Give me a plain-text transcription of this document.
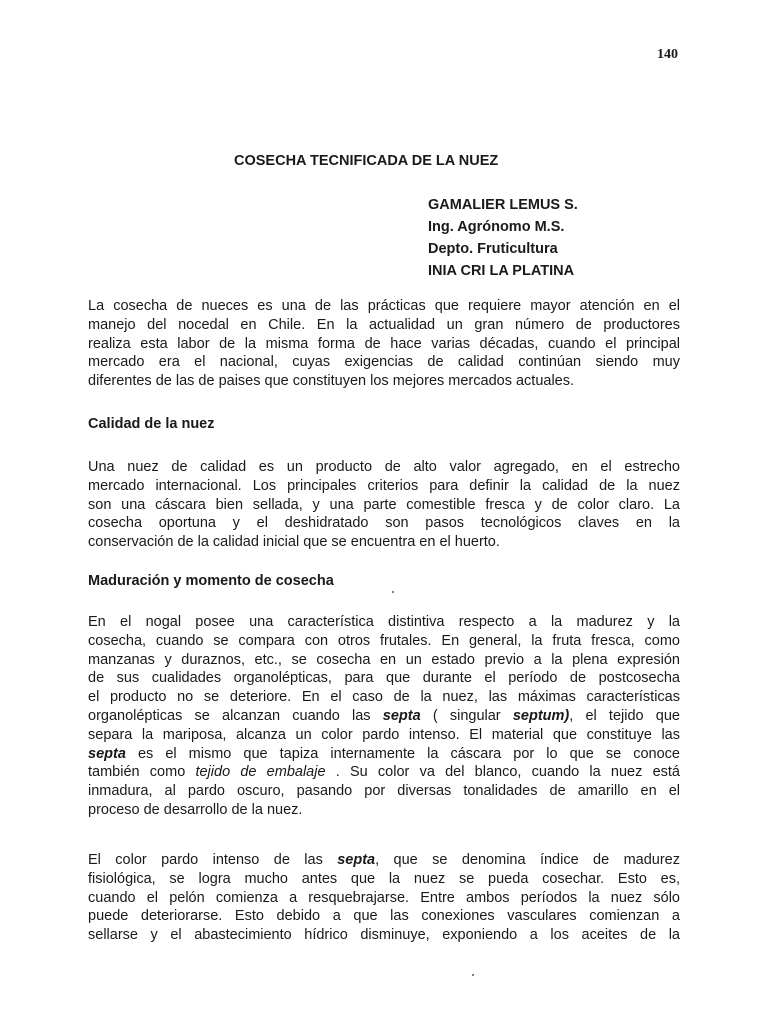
140
COSECHA TECNIFICADA DE LA NUEZ
GAMALIER LEMUS S.
Ing. Agrónomo M.S.
Depto. Fruticultura
INIA CRI LA PLATINA
La cosecha de nueces es una de las prácticas que requiere mayor atención en el
manejo del nocedal en Chile. En la actualidad un gran número de productores
realiza esta labor de la misma forma de hace varias décadas, cuando el principal
mercado era el nacional, cuyas exigencias de calidad continúan siendo muy
diferentes de las de paises que constituyen los mejores mercados actuales.
Calidad de la nuez
Una nuez de calidad es un producto de alto valor agregado, en el estrecho
mercado internacional. Los principales criterios para definir la calidad de la nuez
son una cáscara bien sellada, y una parte comestible fresca y de color claro. La
cosecha oportuna y el deshidratado son pasos tecnológicos claves en la
conservación de la calidad inicial que se encuentra en el huerto.
Maduración y momento de cosecha
En el nogal posee una característica distintiva respecto a la madurez y la
cosecha, cuando se compara con otros frutales. En general, la fruta fresca, como
manzanas y duraznos, etc., se cosecha en un estado previo a la plena expresión
de sus cualidades organolépticas, para que durante el período de postcosecha
el producto no se deteriore. En el caso de la nuez, las máximas características
organolépticas se alcanzan cuando las septa ( singular septum), el tejido que
separa la mariposa, alcanza un color pardo intenso. El material que constituye las
septa es el mismo que tapiza internamente la cáscara por lo que se conoce
también como tejido de embalaje . Su color va del blanco, cuando la nuez está
inmadura, al pardo oscuro, pasando por diversas tonalidades de amarillo en el
proceso de desarrollo de la nuez.
El color pardo intenso de las septa, que se denomina índice de madurez
fisiológica, se logra mucho antes que la nuez se pueda cosechar. Esto es,
cuando el pelón comienza a resquebrajarse. Entre ambos períodos la nuez sólo
puede deteriorarse. Esto debido a que las conexiones vasculares comienzan a
sellarse y el abastecimiento hídrico disminuye, exponiendo a los aceites de la
